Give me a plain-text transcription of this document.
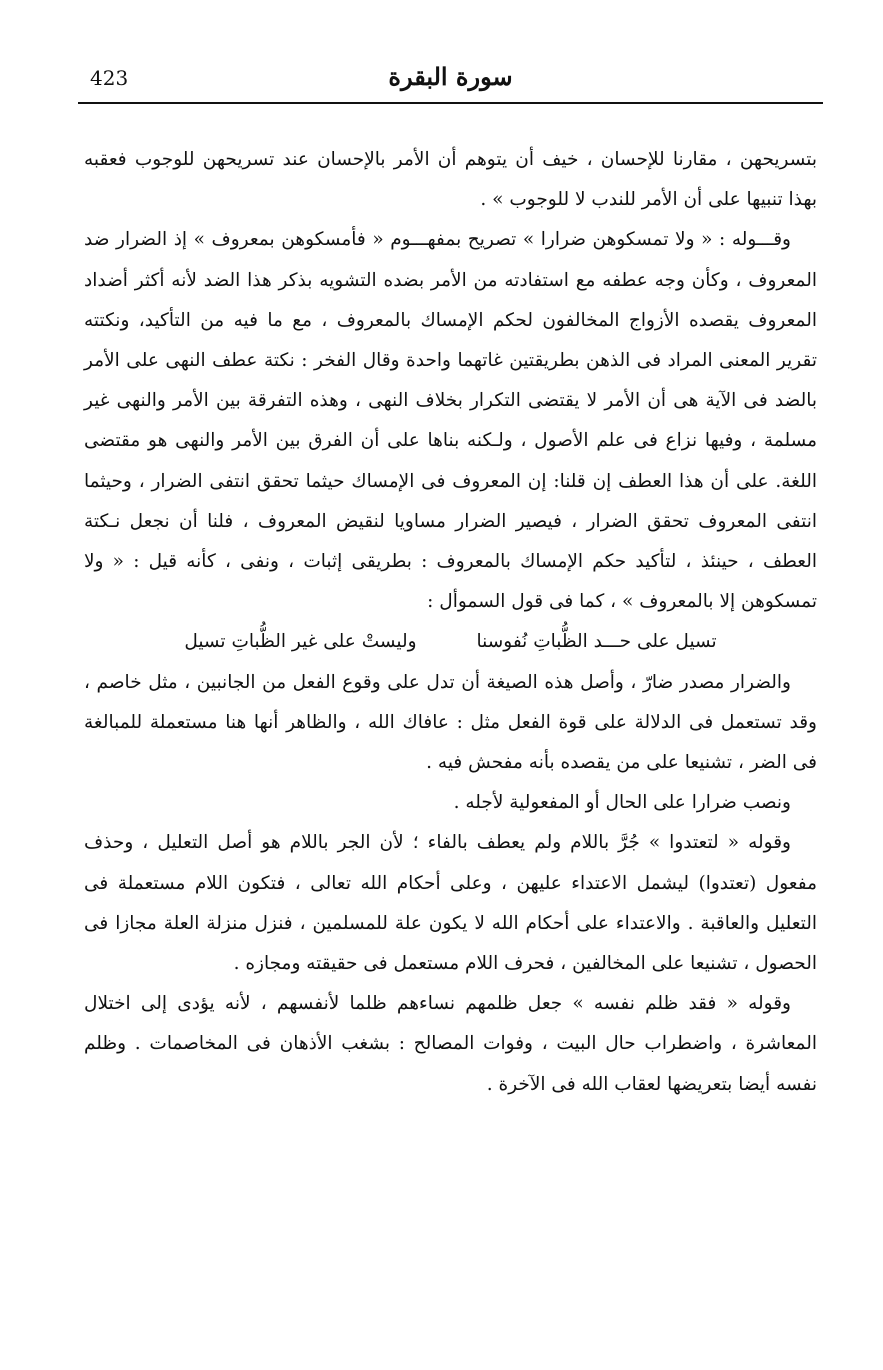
423	سورة البقرة

بتسريحهن ، مقارنا للإحسان ، خيف أن يتوهم أن الأمر بالإحسان عند تسريحهن للوجوب فعقبه بهذا تنبيها على أن الأمر للندب لا للوجوب » .

وقـــوله : « ولا تمسكوهن ضرارا » تصريح بمفهـــوم « فأمسكوهن بمعروف » إذ الضرار ضد المعروف ، وكأن وجه عطفه مع استفادته من الأمر بضده التشويه بذكر هذا الضد لأنه أكثر أضداد المعروف يقصده الأزواج المخالفون لحكم الإمساك بالمعروف ، مع ما فيه من التأكيد، ونكتته تقرير المعنى المراد فى الذهن بطريقتين غاتهما واحدة وقال الفخر : نكتة عطف النهى على الأمر بالضد فى الآية هى أن الأمر لا يقتضى التكرار بخلاف النهى ، وهذه التفرقة بين الأمر والنهى غير مسلمة ، وفيها نزاع فى علم الأصول ، ولـكنه بناها على أن الفرق بين الأمر والنهى هو مقتضى اللغة. على أن هذا العطف إن قلنا: إن المعروف فى الإمساك حيثما تحقق انتفى الضرار ، وحيثما انتفى المعروف تحقق الضرار ، فيصير الضرار مساويا لنقيض المعروف ، فلنا أن نجعل نـكتة العطف ، حينئذ ، لتأكيد حكم الإمساك بالمعروف : بطريقى إثبات ، ونفى ، كأنه قيل : « ولا تمسكوهن إلا بالمعروف » ، كما فى قول السموأل :

تسيل على حـــد الظُّباتِ نُفوسنا
وليستْ على غير الظُّباتِ تسيل

والضرار مصدر ضارّ ، وأصل هذه الصيغة أن تدل على وقوع الفعل من الجانبين ، مثل خاصم ، وقد تستعمل فى الدلالة على قوة الفعل مثل : عافاك الله ، والظاهر أنها هنا مستعملة للمبالغة فى الضر ، تشنيعا على من يقصده بأنه مفحش فيه .

ونصب ضرارا على الحال أو المفعولية لأجله .

وقوله « لتعتدوا » جُرَّ باللام ولم يعطف بالفاء ؛ لأن الجر باللام هو أصل التعليل ، وحذف مفعول (تعتدوا) ليشمل الاعتداء عليهن ، وعلى أحكام الله تعالى ، فتكون اللام مستعملة فى التعليل والعاقبة . والاعتداء على أحكام الله لا يكون علة للمسلمين ، فنزل منزلة العلة مجازا فى الحصول ، تشنيعا على المخالفين ، فحرف اللام مستعمل فى حقيقته ومجازه .

وقوله « فقد ظلم نفسه » جعل ظلمهم نساءهم ظلما لأنفسهم ، لأنه يؤدى إلى اختلال المعاشرة ، واضطراب حال البيت ، وفوات المصالح : بشغب الأذهان فى المخاصمات . وظلم نفسه أيضا بتعريضها لعقاب الله فى الآخرة .
